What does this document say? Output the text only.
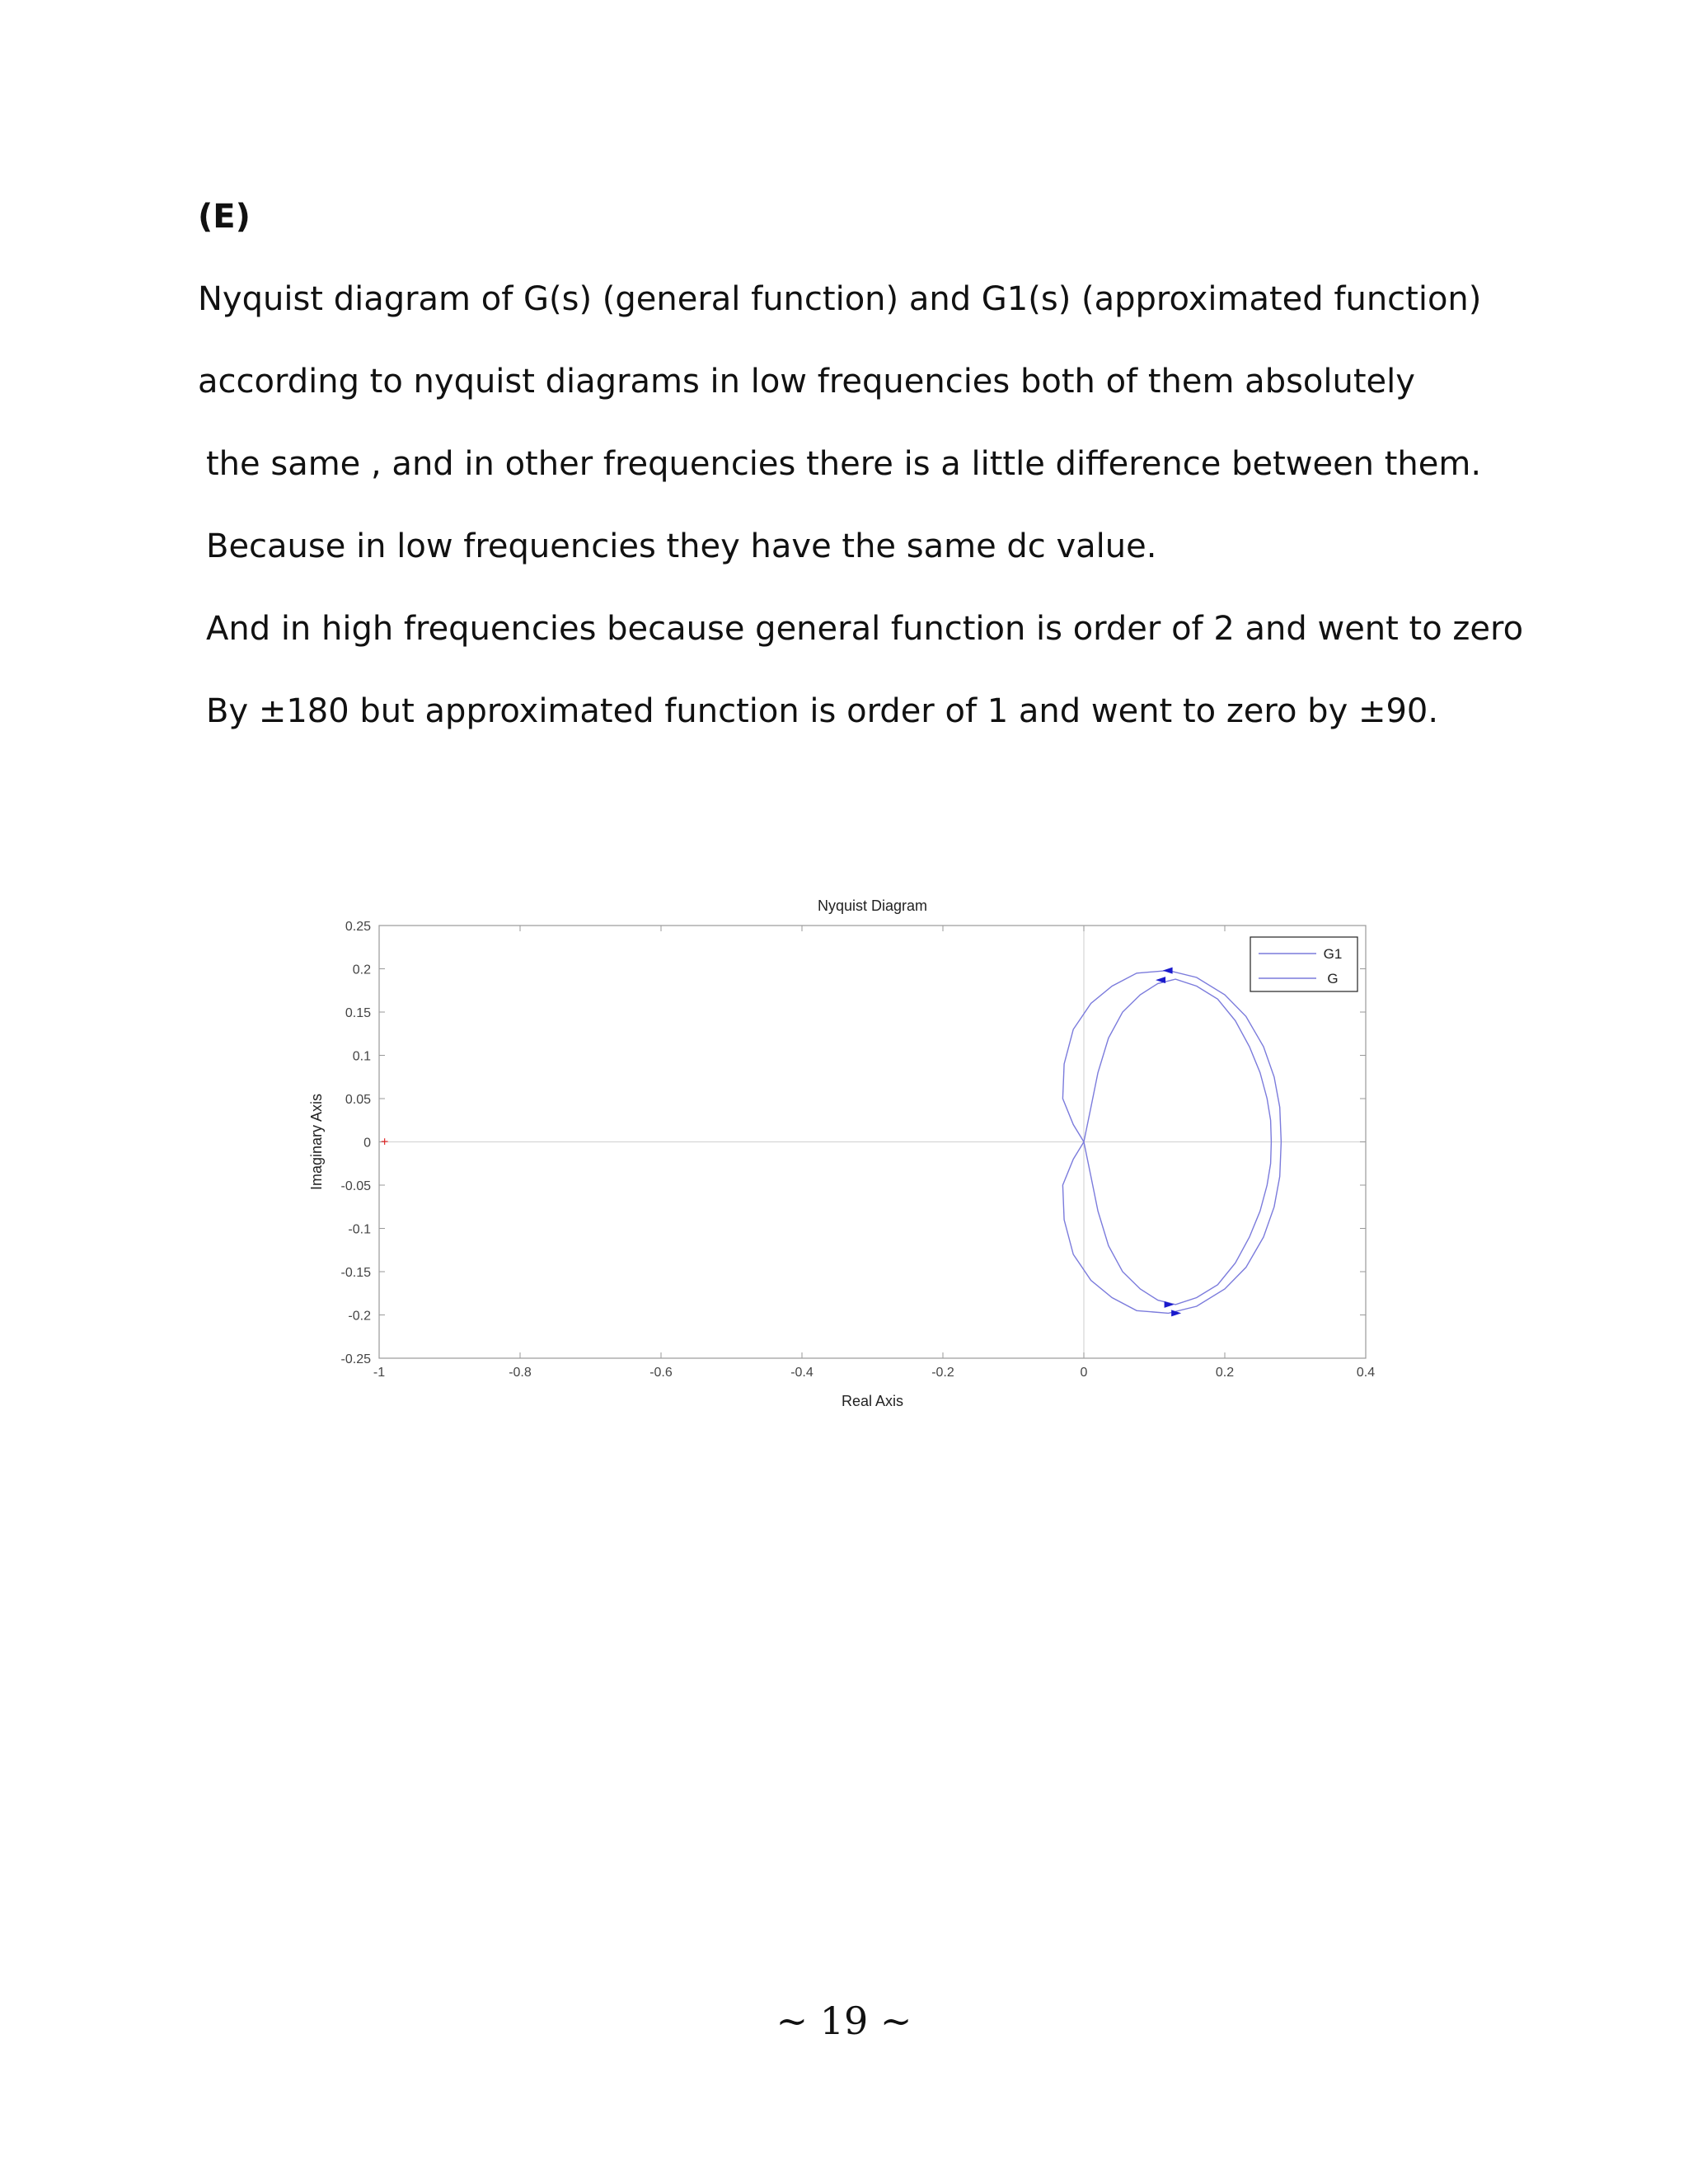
(E)
Nyquist diagram of G(s) (general function) and G1(s) (approximated function)
according to nyquist diagrams in low frequencies both of them absolutely
the same , and in other frequencies there is a little difference between them.
Because in low frequencies they have the same dc value.
And in high frequencies because general function is order of 2 and went to zero
By ±180 but approximated function is order of 1 and went to zero by ±90.
Nyquist Diagram
-1	-0.8	-0.6	-0.4	-0.2	0	0.2	0.4
0.25
0.2
0.15
0.1
0.05
0
-0.05
-0.1
-0.15
-0.2
-0.25
Real Axis
Imaginary Axis	+
G1
G
~ 19 ~
